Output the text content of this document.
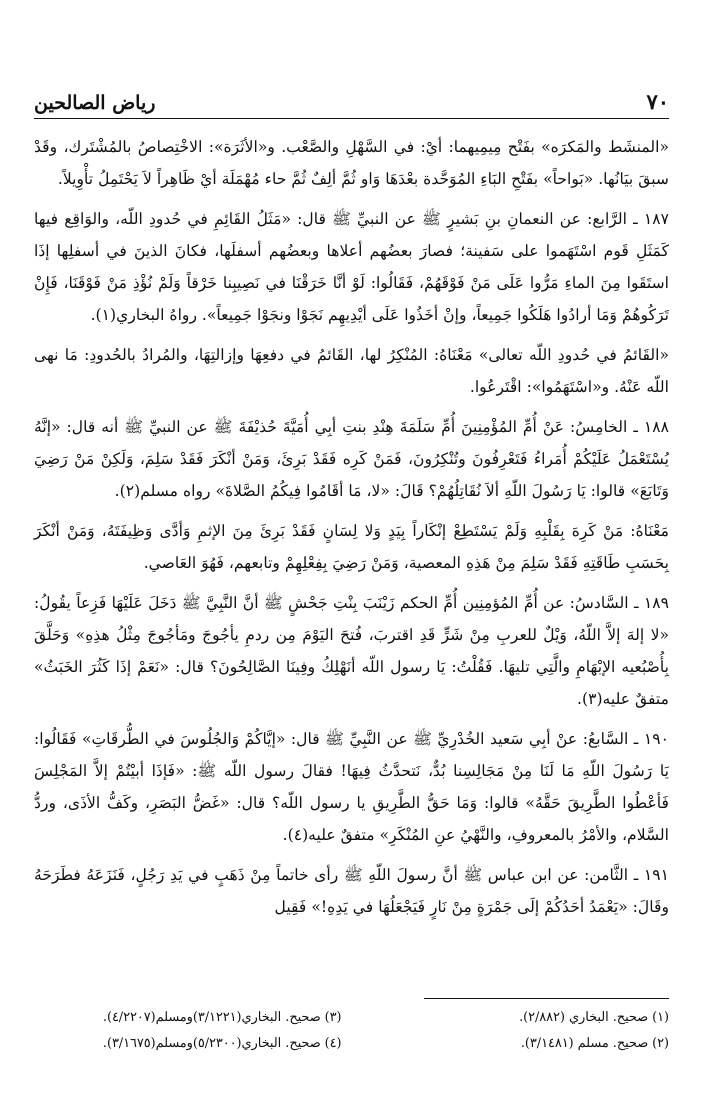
٧٠
رياض الصالحين

«المنشَط والمَكرَه» بفَتْح مِيمِيهما: أيْ: في السَّهْلِ والصَّعْب. و«الأثَرَة»: الاخْتِصاصُ بالمُشْتَرك، وقَدْ سبقَ بيَانُها. «بَواحاً» بفَتْحِ البَاءِ المُوَحَّدة بعْدَهَا وَاو ثُمَّ ألِفٌ ثُمَّ حاء مُهْمَلَة أيْ ظَاهِراً لاَ يَحْتَمِلُ تأْوِيلاً.

١٨٧ ـ الرَّابع: عن النعمانِ بنِ بَشيرٍ ﷺ عن النبيِّ ﷺ قال: «مَثَلُ القَائِمِ في حُدودِ اللّه، والوَاقِع فيها كَمَثَلِ قَوم اسْتَهَموا على سَفينة؛ فصارَ بعضُهم أعلاها وبعضُهم أسفلَها، فكانَ الذينَ في أسفلِها إذَا استَقَوا مِنَ الماءِ مَرُّوا عَلَى مَنْ فَوْقَهُمْ، فَقَالُوا: لَوْ أنَّا خَرَقْنَا في نَصِيبِنا خَرْقاً وَلَمْ نُؤْذِ مَنْ فَوْقَنَا، فَإِنْ تَرَكُوهُمْ وَمَا أرادُوا هَلَكُوا جَمِيعاً، وإنْ أخَذُوا عَلَى أيْدِيهِم نَجَوْا ونجَوْا جَمِيعاً». رواهُ البخاري(١).

«القَائمُ في حُدودِ اللّه تعالى» مَعْنَاهُ: المُنْكِرُ لها، القَائمُ في دفعِهَا وإزالتِهَا، والمُرادُ بالحُدودِ: مَا نهى اللّه عَنْهُ. و«اسْتَهَمُوا»: اقْتَرعُوا.

١٨٨ ـ الخامِسُ: عَنْ أُمِّ المُؤْمِنِينَ أُمِّ سَلَمَةَ هِنْدِ بنتِ أبِي أُمَيَّةَ حُذيْفَةَ ﷺ عن النبيِّ ﷺ أنه قال: «إنَّهُ يُسْتَعْمَلُ عَلَيْكُمْ أُمَراءُ فَتَعْرِفُونَ وتُنْكِرُونَ، فَمَنْ كَرِه فَقَدْ بَرِئَ، وَمَنْ أنْكَرَ فَقَدْ سَلِمَ، وَلَكِنْ مَنْ رَضِيَ وَتَابَعَ» قالوا: يَا رَسُولَ اللّهِ ألاَ نُقَاتِلُهُمْ؟ قَالَ: «لا، مَا أقَامُوا فِيكُمُ الصَّلاةَ» رواه مسلم(٢).

مَعْنَاهُ: مَنْ كَرِهَ بِقَلْبِهِ وَلَمْ يَسْتَطِعْ إنْكَاراً بِيَدٍ وَلا لِسَانٍ فَقَدْ بَرِئَ مِنَ الإثمِ وَأدَّى وَظِيفَتَهُ، وَمَنْ أنْكَرَ بِحَسَبِ طَاقَتِهِ فَقَدْ سَلِمَ مِنْ هَذِهِ المعصية، وَمَنْ رَضِيَ بِفِعْلِهِمْ وتابعهم، فَهُوَ العَاصي.

١٨٩ ـ السَّادسُ: عن أُمِّ المُؤمِنِين أُمِّ الحكم زَيْنَبَ بِنْتِ جَحْشٍ ﷺ أنَّ النَّبِيَّ ﷺ دَخَلَ عَلَيْهَا فَزِعاً يقُولُ: «لا إلهَ إلاَّ اللّهُ، وَيْلٌ للعربِ مِنْ شَرٍّ قَدِ اقتربَ، فُتحَ اليَوْمَ مِن ردمِ يأجُوجَ ومَأجُوجَ مِثْلُ هذِهِ» وَحَلَّقَ بِأُصْبُعيه الإبْهَامِ والَّتِي تليهَا. فَقُلْتُ: يَا رسول اللّه أنَهْلِكُ وفِينَا الصَّالِحُونَ؟ قال: «نَعَمْ إذَا كَثُرَ الخَبَثُ» متفقٌ عليه(٣).

١٩٠ ـ السَّابعُ: عنْ أبِي سَعيد الخُدْرِيِّ ﷺ عن النَّبِيِّ ﷺ قال: «إيَّاكُمْ وَالجُلُوسَ في الطُّرقَاتِ» فَقَالُوا: يَا رَسُولَ اللّهِ مَا لَنَا مِنْ مَجَالِسِنا بُدٌّ، نَتحدَّثُ فِيهَا! فقالَ رسول اللّه ﷺ: «فَإذَا أبيْتُمْ إلاَّ المَجْلِسَ فَأعْطُوا الطَّرِيقَ حَقَّهُ» قالوا: وَمَا حَقُّ الطَّرِيقِ يا رسول اللّه؟ قال: «غَضُّ البَصَرِ، وكَفُّ الأذَى، وردُّ السَّلام، والأمْرُ بالمعروفِ، والنَّهْيُ عنِ المُنْكَرِ» متفقٌ عليه(٤).

١٩١ ـ الثَّامن: عن ابن عباس ﷺ أنَّ رسولَ اللّهِ ﷺ رأى خاتماً مِنْ ذَهَبٍ في يَدِ رَجُلٍ، فَنَزَعَهُ فطَرَحَهُ وقَالَ: «يَعْمَدُ أحَدُكُمْ إلَى جَمْرَةٍ مِنْ نَارٍ فَيَجْعَلُهَا في يَدِهِ!» فَقِيل

(١) صحيح. البخاري (٢/٨٨٢).
(٣) صحيح. البخاري(٣/١٢٢١)ومسلم(٤/٢٢٠٧).
(٢) صحيح. مسلم (٣/١٤٨١).
(٤) صحيح. البخاري(٥/٢٣٠٠)ومسلم(٣/١٦٧٥).
